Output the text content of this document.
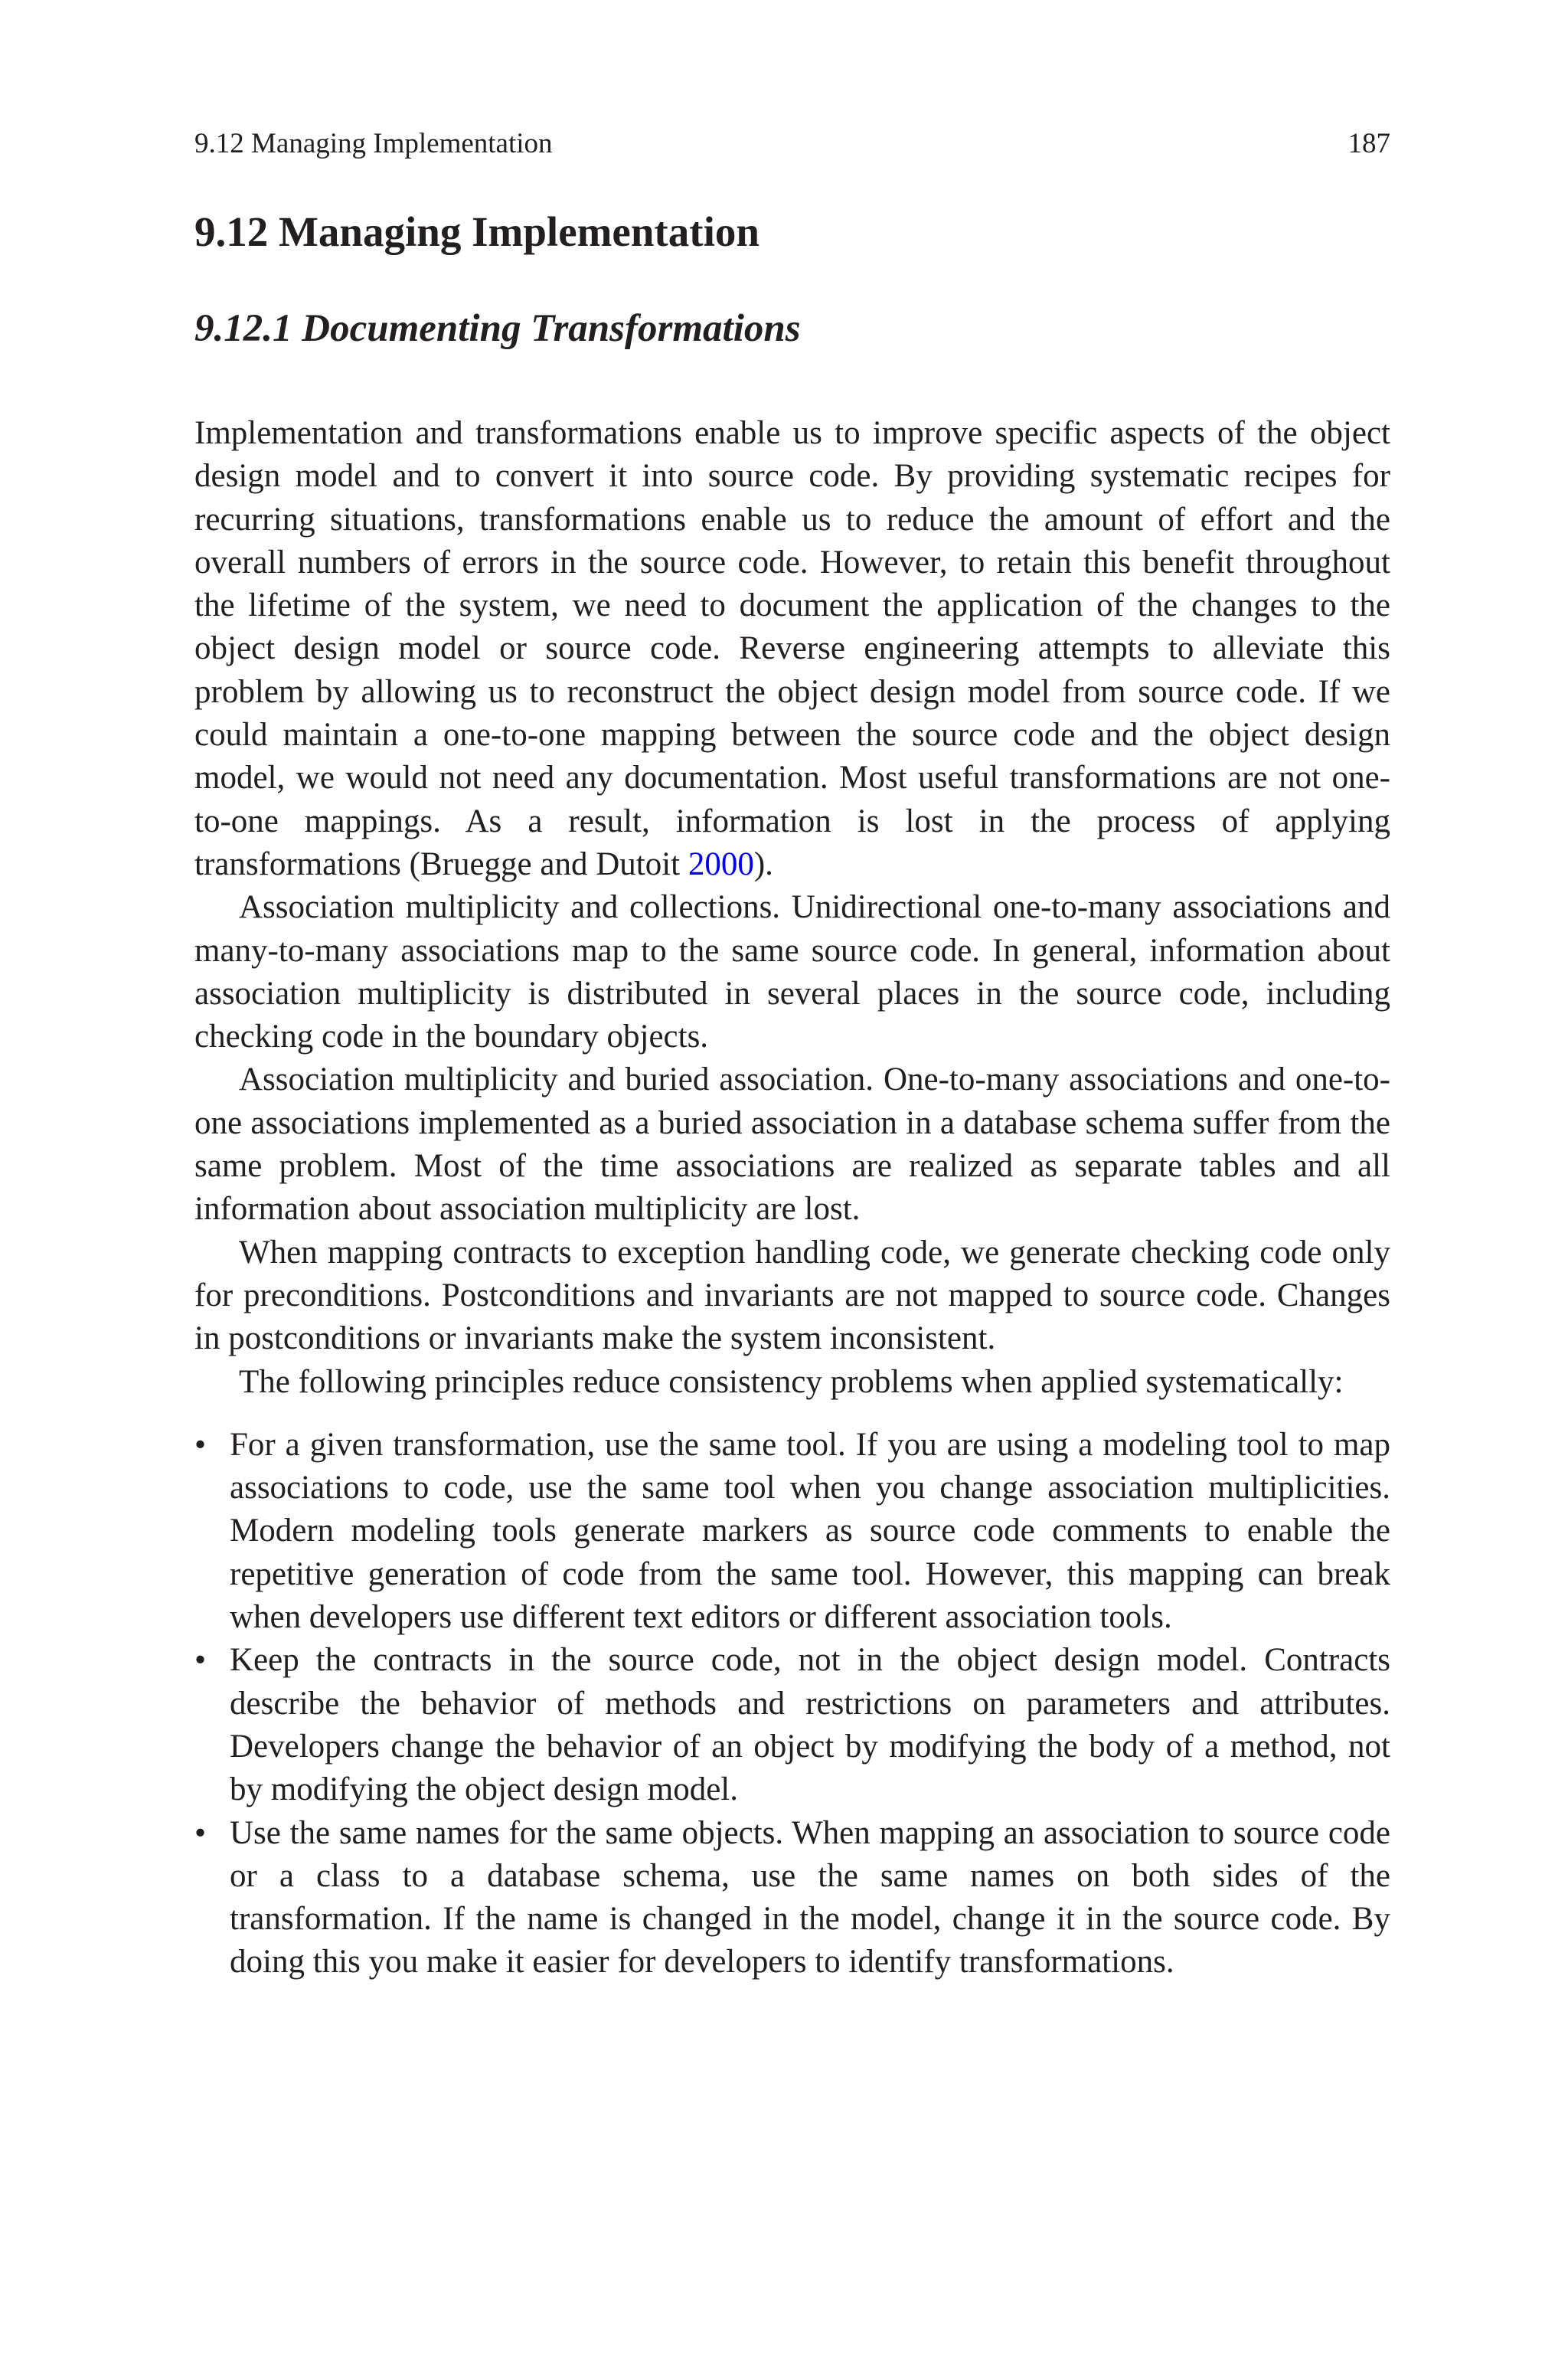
9.12 Managing Implementation	187
9.12 Managing Implementation
9.12.1 Documenting Transformations

Implementation and transformations enable us to improve specific aspects of the object design model and to convert it into source code. By providing systematic recipes for recurring situations, transformations enable us to reduce the amount of effort and the overall numbers of errors in the source code. However, to retain this benefit throughout the lifetime of the system, we need to document the application of the changes to the object design model or source code. Reverse engineering attempts to alleviate this problem by allowing us to reconstruct the object design model from source code. If we could maintain a one-to-one mapping between the source code and the object design model, we would not need any documentation. Most useful transformations are not one-to-one mappings. As a result, information is lost in the process of applying transformations (Bruegge and Dutoit 2000).

Association multiplicity and collections. Unidirectional one-to-many associations and many-to-many associations map to the same source code. In general, information about association multiplicity is distributed in several places in the source code, including checking code in the boundary objects.

Association multiplicity and buried association. One-to-many associations and one-to-one associations implemented as a buried association in a database schema suffer from the same problem. Most of the time associations are realized as separate tables and all information about association multiplicity are lost.

When mapping contracts to exception handling code, we generate checking code only for preconditions. Postconditions and invariants are not mapped to source code. Changes in postconditions or invariants make the system inconsistent.

The following principles reduce consistency problems when applied systematically:

• For a given transformation, use the same tool. If you are using a modeling tool to map associations to code, use the same tool when you change association multiplicities. Modern modeling tools generate markers as source code comments to enable the repetitive generation of code from the same tool. However, this mapping can break when developers use different text editors or different association tools.
• Keep the contracts in the source code, not in the object design model. Contracts describe the behavior of methods and restrictions on parameters and attributes. Developers change the behavior of an object by modifying the body of a method, not by modifying the object design model.
• Use the same names for the same objects. When mapping an association to source code or a class to a database schema, use the same names on both sides of the transformation. If the name is changed in the model, change it in the source code. By doing this you make it easier for developers to identify transformations.
